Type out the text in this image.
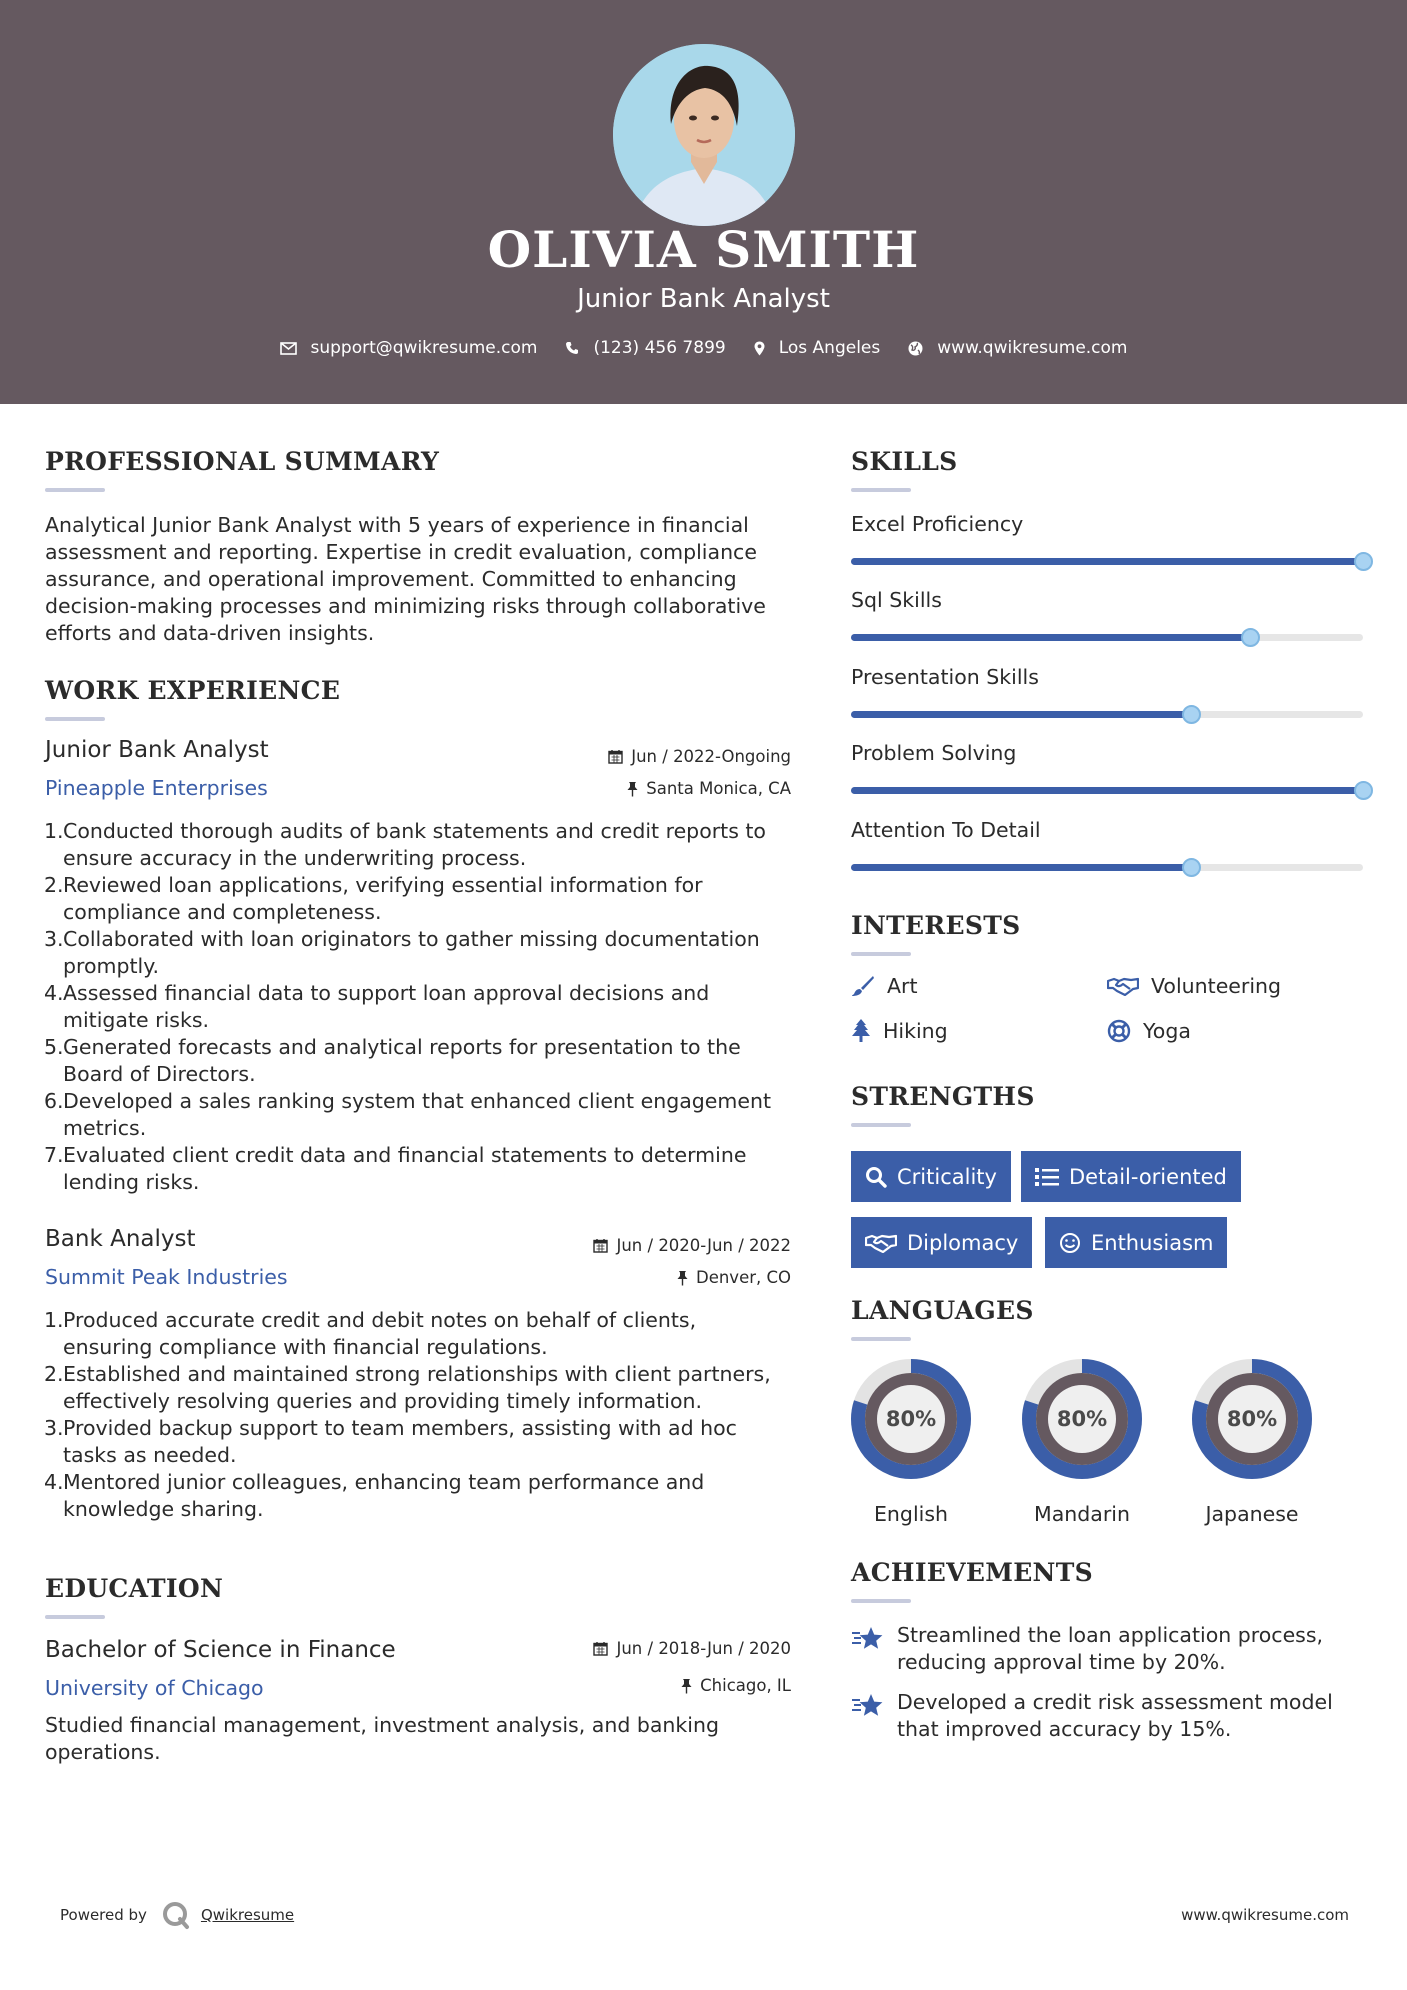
OLIVIA SMITH
Junior Bank Analyst
support@qwikresume.com	(123) 456 7899	Los Angeles	www.qwikresume.com
PROFESSIONAL SUMMARY
Analytical Junior Bank Analyst with 5 years of experience in financial
assessment and reporting. Expertise in credit evaluation, compliance
assurance, and operational improvement. Committed to enhancing
decision-making processes and minimizing risks through collaborative
efforts and data-driven insights.
WORK EXPERIENCE
Junior Bank Analyst	Jun / 2022-Ongoing
Pineapple Enterprises	Santa Monica, CA
1. Conducted thorough audits of bank statements and credit reports to
ensure accuracy in the underwriting process.
2. Reviewed loan applications, verifying essential information for
compliance and completeness.
3. Collaborated with loan originators to gather missing documentation
promptly.
4. Assessed financial data to support loan approval decisions and
mitigate risks.
5. Generated forecasts and analytical reports for presentation to the
Board of Directors.
6. Developed a sales ranking system that enhanced client engagement
metrics.
7. Evaluated client credit data and financial statements to determine
lending risks.
Bank Analyst	Jun / 2020-Jun / 2022
Summit Peak Industries	Denver, CO
1. Produced accurate credit and debit notes on behalf of clients,
ensuring compliance with financial regulations.
2. Established and maintained strong relationships with client partners,
effectively resolving queries and providing timely information.
3. Provided backup support to team members, assisting with ad hoc
tasks as needed.
4. Mentored junior colleagues, enhancing team performance and
knowledge sharing.
EDUCATION
Bachelor of Science in Finance	Jun / 2018-Jun / 2020
University of Chicago	Chicago, IL
Studied financial management, investment analysis, and banking
operations.
SKILLS
Excel Proficiency
Sql Skills
Presentation Skills
Problem Solving
Attention To Detail
INTERESTS
Art	Volunteering
Hiking	Yoga
STRENGTHS
Criticality	Detail-oriented
Diplomacy	Enthusiasm
LANGUAGES
80%
English
80%
Mandarin
80%
Japanese
ACHIEVEMENTS
Streamlined the loan application process,
reducing approval time by 20%.
Developed a credit risk assessment model
that improved accuracy by 15%.
Powered by	Qwikresume	www.qwikresume.com
